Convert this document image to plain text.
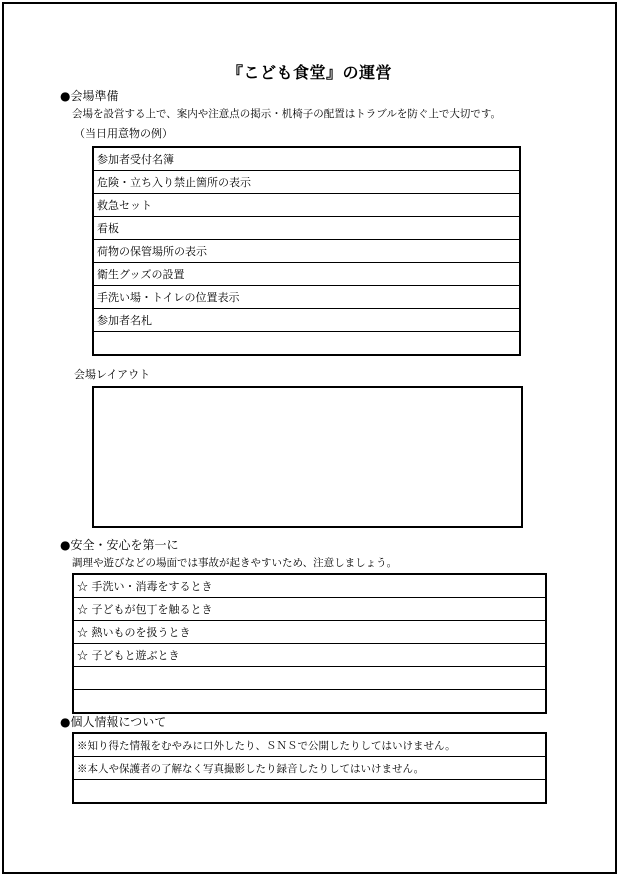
『こども食堂』の運営
●会場準備
会場を設営する上で、案内や注意点の掲示・机椅子の配置はトラブルを防ぐ上で大切です。
（当日用意物の例）
参加者受付名簿
危険・立ち入り禁止箇所の表示
救急セット
看板
荷物の保管場所の表示
衛生グッズの設置
手洗い場・トイレの位置表示
参加者名札

会場レイアウト
●安全・安心を第一に
調理や遊びなどの場面では事故が起きやすいため、注意しましょう。
☆ 手洗い・消毒をするとき
☆ 子どもが包丁を触るとき
☆ 熱いものを扱うとき
☆ 子どもと遊ぶとき

●個人情報について
※知り得た情報をむやみに口外したり、ＳＮＳで公開したりしてはいけません。
※本人や保護者の了解なく写真撮影したり録音したりしてはいけません。
